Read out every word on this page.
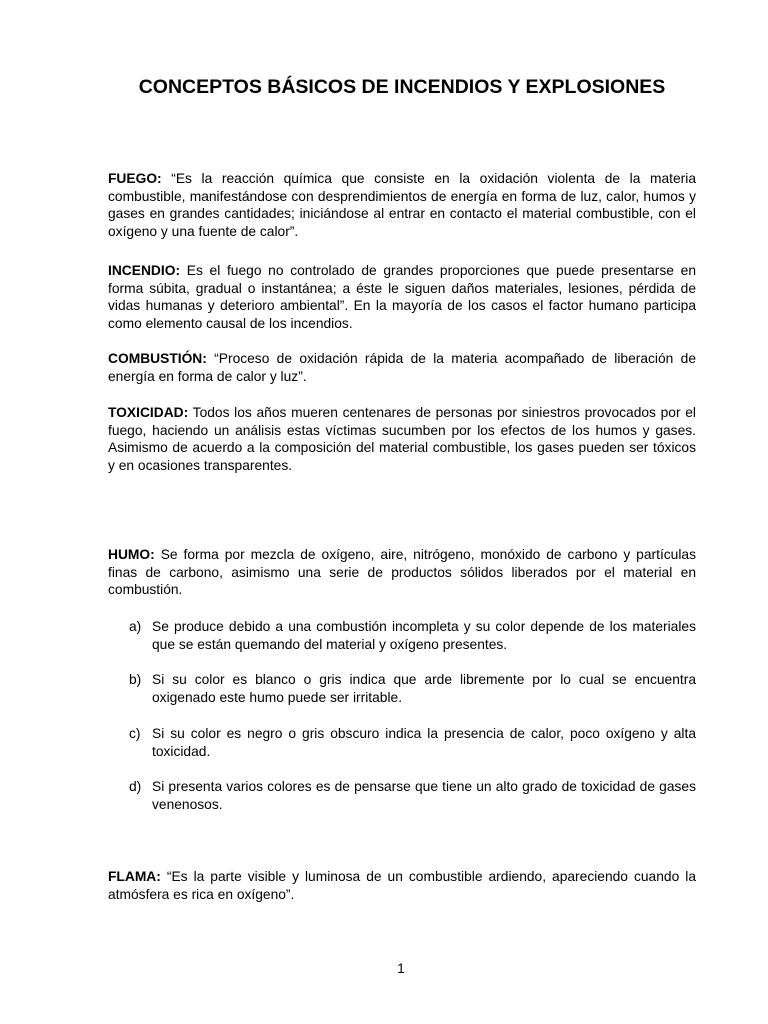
CONCEPTOS BÁSICOS DE INCENDIOS Y EXPLOSIONES

FUEGO: “Es la reacción química que consiste en la oxidación violenta de la materia combustible, manifestándose con desprendimientos de energía en forma de luz, calor, humos y gases en grandes cantidades; iniciándose al entrar en contacto el material combustible, con el oxígeno y una fuente de calor”.

INCENDIO: Es el fuego no controlado de grandes proporciones que puede presentarse en forma súbita, gradual o instantánea; a éste le siguen daños materiales, lesiones, pérdida de vidas humanas y deterioro ambiental”. En la mayoría de los casos el factor humano participa como elemento causal de los incendios.

COMBUSTIÓN: “Proceso de oxidación rápida de la materia acompañado de liberación de energía en forma de calor y luz”.

TOXICIDAD: Todos los años mueren centenares de personas por siniestros provocados por el fuego, haciendo un análisis estas víctimas sucumben por los efectos de los humos y gases. Asimismo de acuerdo a la composición del material combustible, los gases pueden ser tóxicos y en ocasiones transparentes.

HUMO: Se forma por mezcla de oxígeno, aire, nitrógeno, monóxido de carbono y partículas finas de carbono, asimismo una serie de productos sólidos liberados por el material en combustión.

a) Se produce debido a una combustión incompleta y su color depende de los materiales que se están quemando del material y oxígeno presentes.
b) Si su color es blanco o gris indica que arde libremente por lo cual se encuentra oxigenado este humo puede ser irritable.
c) Si su color es negro o gris obscuro indica la presencia de calor, poco oxígeno y alta toxicidad.
d) Si presenta varios colores es de pensarse que tiene un alto grado de toxicidad de gases venenosos.

FLAMA: “Es la parte visible y luminosa de un combustible ardiendo, apareciendo cuando la atmósfera es rica en oxígeno”.

1
